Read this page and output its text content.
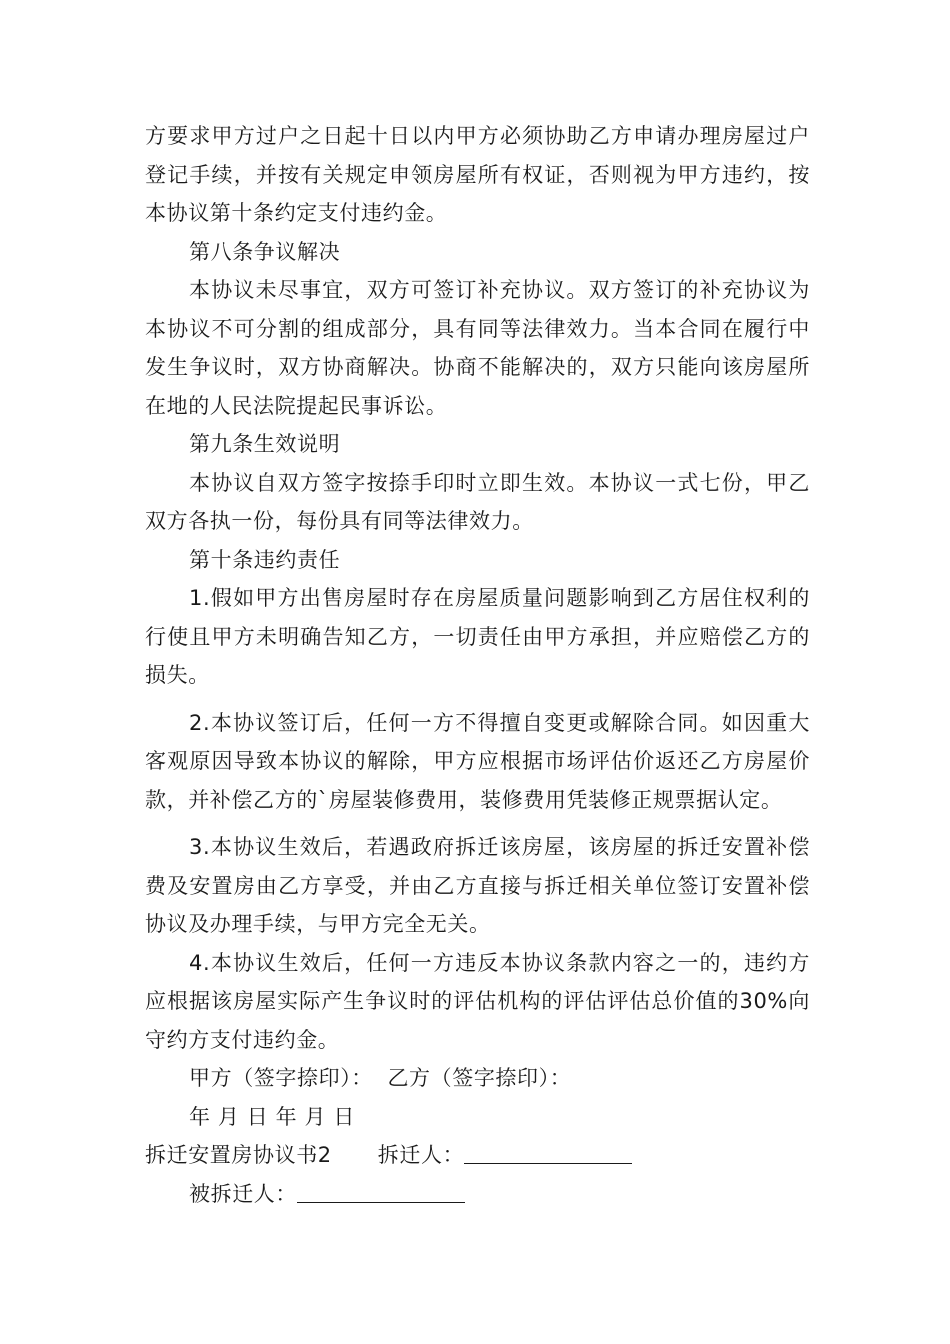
方要求甲方过户之日起十日以内甲方必须协助乙方申请办理房屋过户登记手续，并按有关规定申领房屋所有权证，否则视为甲方违约，按本协议第十条约定支付违约金。

第八条争议解决

本协议未尽事宜，双方可签订补充协议。双方签订的补充协议为本协议不可分割的组成部分，具有同等法律效力。当本合同在履行中发生争议时，双方协商解决。协商不能解决的，双方只能向该房屋所在地的人民法院提起民事诉讼。

第九条生效说明

本协议自双方签字按捺手印时立即生效。本协议一式七份，甲乙双方各执一份，每份具有同等法律效力。

第十条违约责任

1.假如甲方出售房屋时存在房屋质量问题影响到乙方居住权利的行使且甲方未明确告知乙方，一切责任由甲方承担，并应赔偿乙方的损失。

2.本协议签订后，任何一方不得擅自变更或解除合同。如因重大客观原因导致本协议的解除，甲方应根据市场评估价返还乙方房屋价款，并补偿乙方的`房屋装修费用，装修费用凭装修正规票据认定。

3.本协议生效后，若遇政府拆迁该房屋，该房屋的拆迁安置补偿费及安置房由乙方享受，并由乙方直接与拆迁相关单位签订安置补偿协议及办理手续，与甲方完全无关。

4.本协议生效后，任何一方违反本协议条款内容之一的，违约方应根据该房屋实际产生争议时的评估机构的评估评估总价值的30%向守约方支付违约金。

甲方（签字捺印）：  乙方（签字捺印）：

年 月 日 年 月 日

拆迁安置房协议书2 拆迁人：

被拆迁人：
